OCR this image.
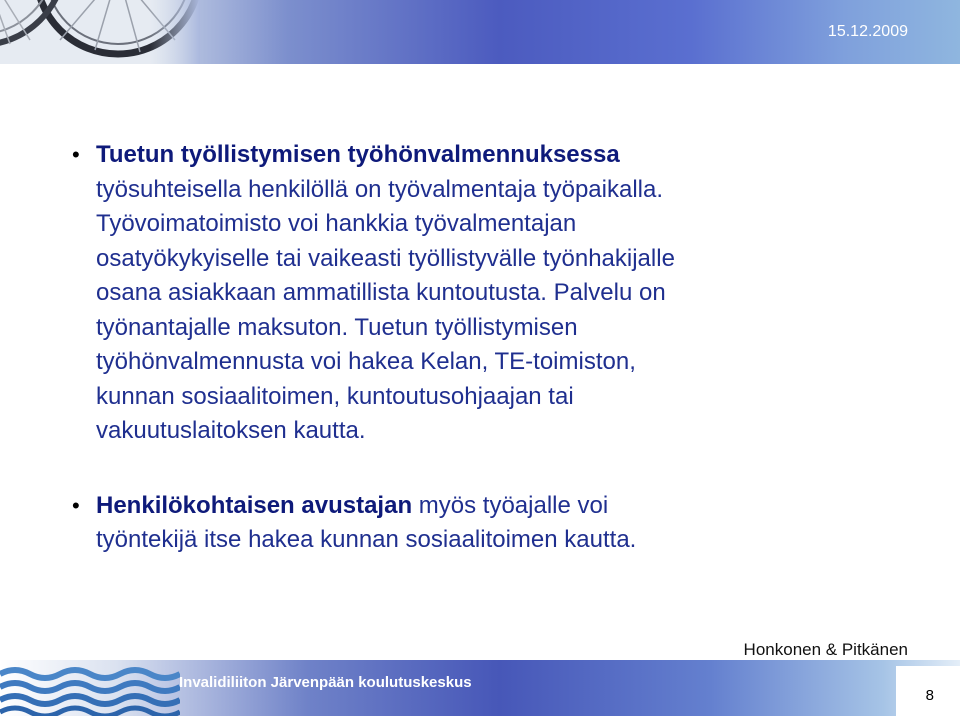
15.12.2009

• Tuetun työllistymisen työhönvalmennuksessa
työsuhteisella henkilöllä on työvalmentaja työpaikalla.
Työvoimatoimisto voi hankkia työvalmentajan
osatyökykyiselle tai vaikeasti työllistyvälle työnhakijalle
osana asiakkaan ammatillista kuntoutusta. Palvelu on
työnantajalle maksuton. Tuetun työllistymisen
työhönvalmennusta voi hakea Kelan, TE-toimiston,
kunnan sosiaalitoimen, kuntoutusohjaajan tai
vakuutuslaitoksen kautta.

• Henkilökohtaisen avustajan myös työajalle voi
työntekijä itse hakea kunnan sosiaalitoimen kautta.

Honkonen & Pitkänen
Invalidiliiton Järvenpään koulutuskeskus
8
